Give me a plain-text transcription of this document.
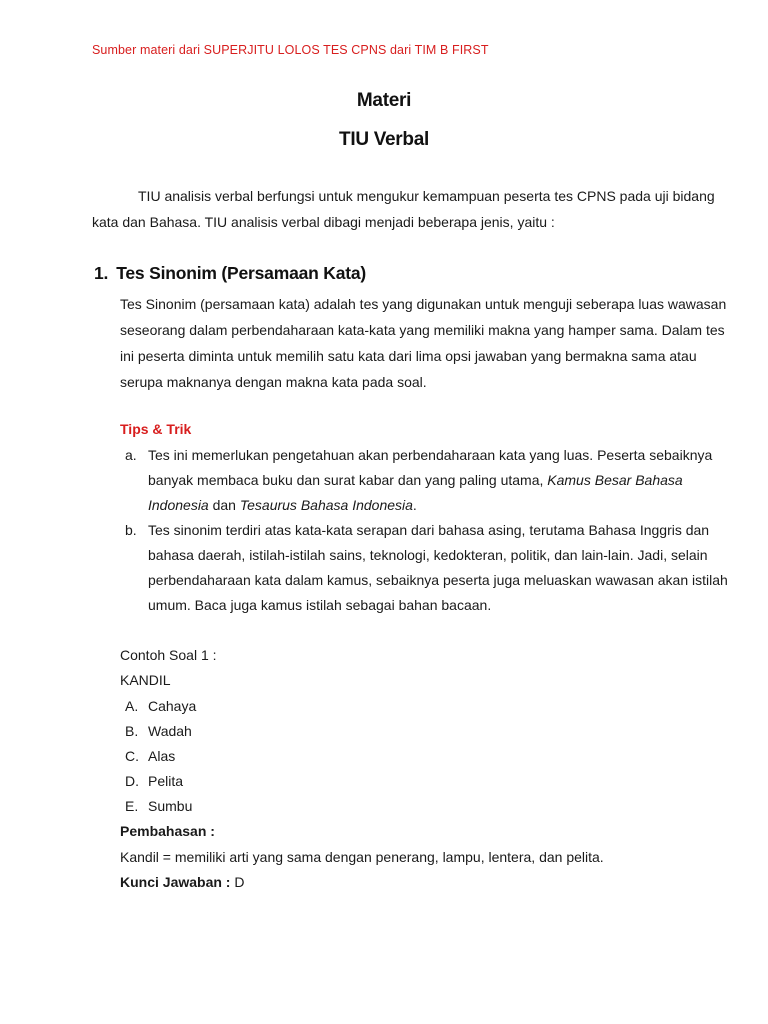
Sumber materi dari SUPERJITU LOLOS TES CPNS dari TIM B FIRST
Materi
TIU Verbal
TIU analisis verbal berfungsi untuk mengukur kemampuan peserta tes CPNS pada uji bidang
kata dan Bahasa. TIU analisis verbal dibagi menjadi beberapa jenis, yaitu :
1. Tes Sinonim (Persamaan Kata)
Tes Sinonim (persamaan kata) adalah tes yang digunakan untuk menguji seberapa luas wawasan
seseorang dalam perbendaharaan kata-kata yang memiliki makna yang hamper sama. Dalam tes
ini peserta diminta untuk memilih satu kata dari lima opsi jawaban yang bermakna sama atau
serupa maknanya dengan makna kata pada soal.
Tips & Trik
a. Tes ini memerlukan pengetahuan akan perbendaharaan kata yang luas. Peserta sebaiknya
banyak membaca buku dan surat kabar dan yang paling utama, Kamus Besar Bahasa
Indonesia dan Tesaurus Bahasa Indonesia.
b. Tes sinonim terdiri atas kata-kata serapan dari bahasa asing, terutama Bahasa Inggris dan
bahasa daerah, istilah-istilah sains, teknologi, kedokteran, politik, dan lain-lain. Jadi, selain
perbendaharaan kata dalam kamus, sebaiknya peserta juga meluaskan wawasan akan istilah
umum. Baca juga kamus istilah sebagai bahan bacaan.
Contoh Soal 1 :
KANDIL
A. Cahaya
B. Wadah
C. Alas
D. Pelita
E. Sumbu
Pembahasan :
Kandil = memiliki arti yang sama dengan penerang, lampu, lentera, dan pelita.
Kunci Jawaban : D
